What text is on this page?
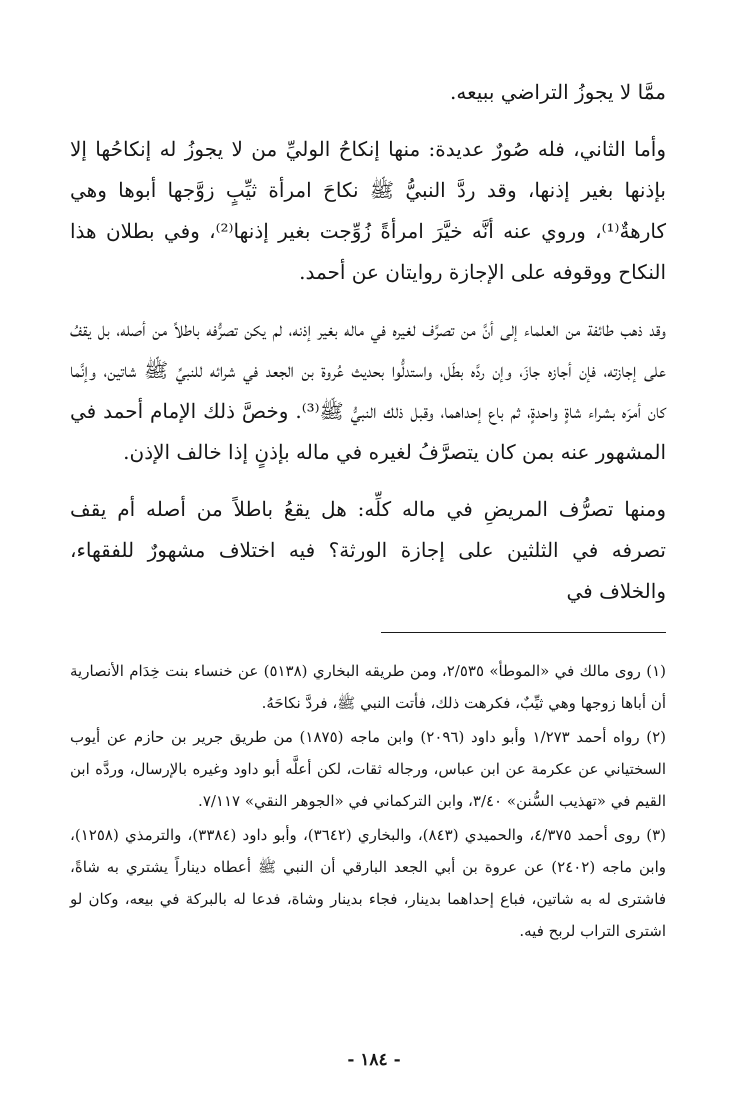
ممَّا لا يجوزُ التراضي ببيعه.

وأما الثاني، فله صُورٌ عديدة: منها إنكاحُ الوليِّ من لا يجوزُ له إنكاحُها إلا بإذنها بغير إذنها، وقد ردَّ النبيُّ ﷺ نكاحَ امرأة ثيِّبٍ زوَّجها أبوها وهي كارهةٌ⁽¹⁾، وروي عنه أنَّه خيَّرَ امرأةً زُوِّجت بغير إذنها⁽²⁾، وفي بطلان هذا النكاح ووقوفه على الإجازة روايتان عن أحمد.

وقد ذهب طائفة من العلماء إلى أنَّ من تصرَّف لغيره في ماله بغير إذنه، لم يكن تصرُّفه باطلاً من أصله، بل يقفُ على إجازته، فإن أجازه جازَ، وإن ردَّه بطَل، واستدلُّوا بحديث عُروة بن الجعد في شرائه للنبيِّ ﷺ شاتين، وإنَّما كان أمرَه بشراء شاةٍ واحدةٍ، ثم باع إحداهما، وقبل ذلك النبيُّ ﷺ⁽³⁾. وخصَّ ذلك الإمام أحمد في المشهور عنه بمن كان يتصرَّفُ لغيره في ماله بإذنٍ إذا خالف الإذن.

ومنها تصرُّف المريضِ في ماله كلِّه: هل يقعُ باطلاً من أصله أم يقف تصرفه في الثلثين على إجازة الورثة؟ فيه اختلاف مشهورٌ للفقهاء، والخلاف في

(١) روى مالك في «الموطأ» ٢/٥٣٥، ومن طريقه البخاري (٥١٣٨) عن خنساء بنت خِدَام الأنصارية أن أباها زوجها وهي ثيِّبٌ، فكرهت ذلك، فأتت النبي ﷺ، فردَّ نكاحَهُ.

(٢) رواه أحمد ١/٢٧٣ وأبو داود (٢٠٩٦) وابن ماجه (١٨٧٥) من طريق جرير بن حازم عن أيوب السختياني عن عكرمة عن ابن عباس، ورجاله ثقات، لكن أعلَّه أبو داود وغيره بالإرسال، وردَّه ابن القيم في «تهذيب السُّنن» ٣/٤٠، وابن التركماني في «الجوهر النقي» ٧/١١٧.

(٣) روى أحمد ٤/٣٧٥، والحميدي (٨٤٣)، والبخاري (٣٦٤٢)، وأبو داود (٣٣٨٤)، والترمذي (١٢٥٨)، وابن ماجه (٢٤٠٢) عن عروة بن أبي الجعد البارقي أن النبي ﷺ أعطاه ديناراً يشتري به شاةً، فاشترى له به شاتين، فباع إحداهما بدينار، فجاء بدينار وشاة، فدعا له بالبركة في بيعه، وكان لو اشترى التراب لربح فيه.

- ١٨٤ -
